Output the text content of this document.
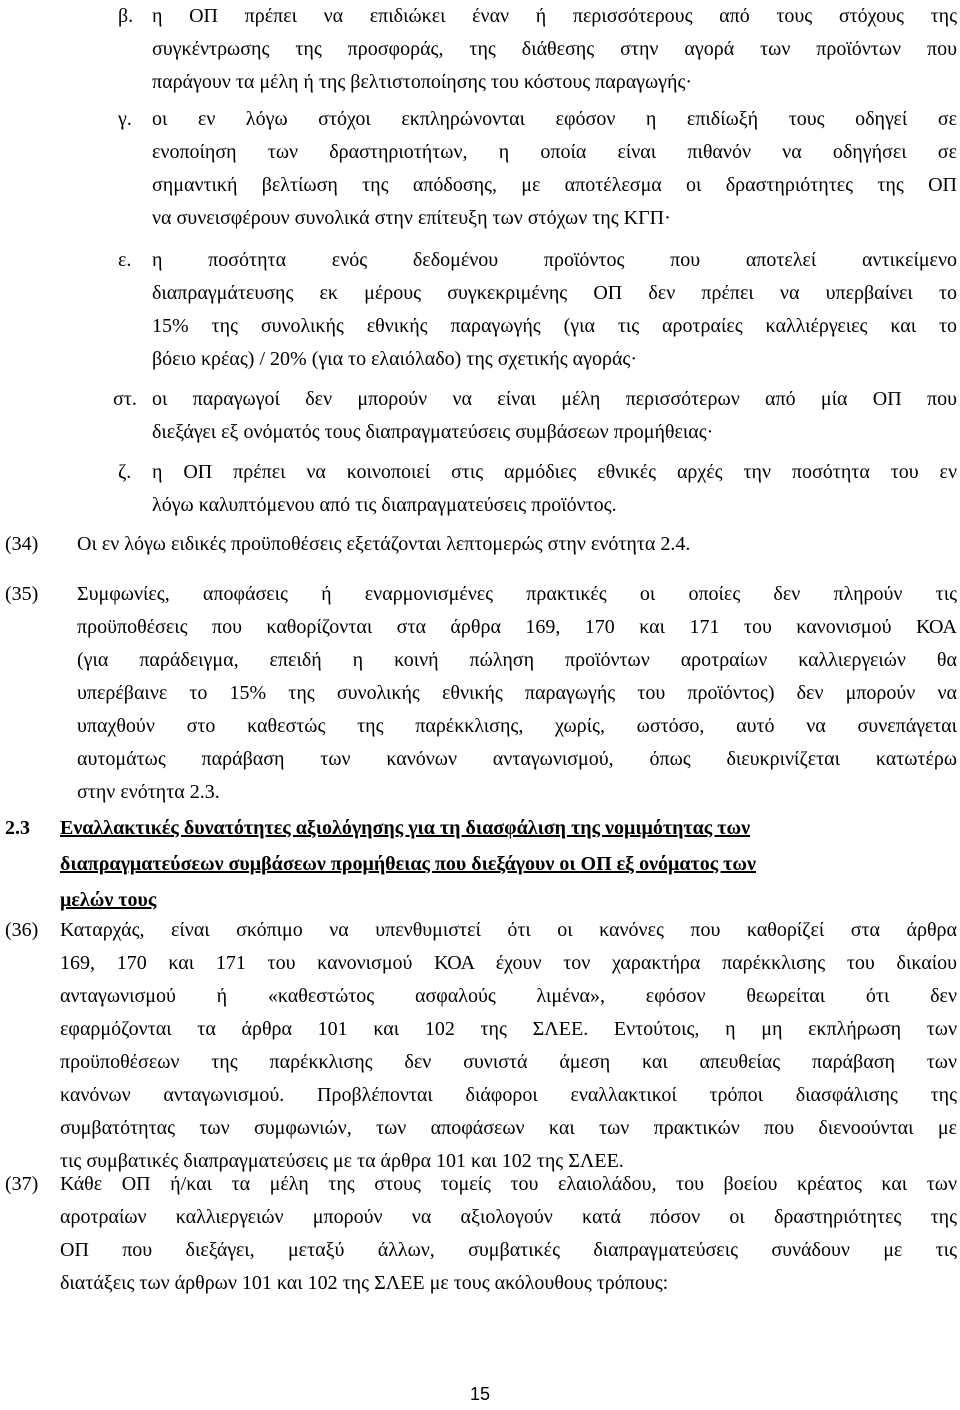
β. η ΟΠ πρέπει να επιδιώκει έναν ή περισσότερους από τους στόχους της
συγκέντρωσης της προσφοράς, της διάθεσης στην αγορά των προϊόντων που
παράγουν τα μέλη ή της βελτιστοποίησης του κόστους παραγωγής·
γ. οι εν λόγω στόχοι εκπληρώνονται εφόσον η επιδίωξή τους οδηγεί σε
ενοποίηση των δραστηριοτήτων, η οποία είναι πιθανόν να οδηγήσει σε
σημαντική βελτίωση της απόδοσης, με αποτέλεσμα οι δραστηριότητες της ΟΠ
να συνεισφέρουν συνολικά στην επίτευξη των στόχων της ΚΓΠ·
ε. η ποσότητα ενός δεδομένου προϊόντος που αποτελεί αντικείμενο
διαπραγμάτευσης εκ μέρους συγκεκριμένης ΟΠ δεν πρέπει να υπερβαίνει το
15% της συνολικής εθνικής παραγωγής (για τις αροτραίες καλλιέργειες και το
βόειο κρέας) / 20% (για το ελαιόλαδο) της σχετικής αγοράς·
στ. οι παραγωγοί δεν μπορούν να είναι μέλη περισσότερων από μία ΟΠ που
διεξάγει εξ ονόματός τους διαπραγματεύσεις συμβάσεων προμήθειας·
ζ. η ΟΠ πρέπει να κοινοποιεί στις αρμόδιες εθνικές αρχές την ποσότητα του εν
λόγω καλυπτόμενου από τις διαπραγματεύσεις προϊόντος.
(34) Οι εν λόγω ειδικές προϋποθέσεις εξετάζονται λεπτομερώς στην ενότητα 2.4.
(35) Συμφωνίες, αποφάσεις ή εναρμονισμένες πρακτικές οι οποίες δεν πληρούν τις
προϋποθέσεις που καθορίζονται στα άρθρα 169, 170 και 171 του κανονισμού ΚΟΑ
(για παράδειγμα, επειδή η κοινή πώληση προϊόντων αροτραίων καλλιεργειών θα
υπερέβαινε το 15% της συνολικής εθνικής παραγωγής του προϊόντος) δεν μπορούν να
υπαχθούν στο καθεστώς της παρέκκλισης, χωρίς, ωστόσο, αυτό να συνεπάγεται
αυτομάτως παράβαση των κανόνων ανταγωνισμού, όπως διευκρινίζεται κατωτέρω
στην ενότητα 2.3.
2.3 Εναλλακτικές δυνατότητες αξιολόγησης για τη διασφάλιση της νομιμότητας των
διαπραγματεύσεων συμβάσεων προμήθειας που διεξάγουν οι ΟΠ εξ ονόματος των
μελών τους
(36) Καταρχάς, είναι σκόπιμο να υπενθυμιστεί ότι οι κανόνες που καθορίζεί στα άρθρα
169, 170 και 171 του κανονισμού ΚΟΑ έχουν τον χαρακτήρα παρέκκλισης του δικαίου
ανταγωνισμού ή «καθεστώτος ασφαλούς λιμένα», εφόσον θεωρείται ότι δεν
εφαρμόζονται τα άρθρα 101 και 102 της ΣΛΕΕ. Εντούτοις, η μη εκπλήρωση των
προϋποθέσεων της παρέκκλισης δεν συνιστά άμεση και απευθείας παράβαση των
κανόνων ανταγωνισμού. Προβλέπονται διάφοροι εναλλακτικοί τρόποι διασφάλισης της
συμβατότητας των συμφωνιών, των αποφάσεων και των πρακτικών που διενοούνται με
τις συμβατικές διαπραγματεύσεις με τα άρθρα 101 και 102 της ΣΛΕΕ.
(37) Κάθε ΟΠ ή/και τα μέλη της στους τομείς του ελαιολάδου, του βοείου κρέατος και των
αροτραίων καλλιεργειών μπορούν να αξιολογούν κατά πόσον οι δραστηριότητες της
ΟΠ που διεξάγει, μεταξύ άλλων, συμβατικές διαπραγματεύσεις συνάδουν με τις
διατάξεις των άρθρων 101 και 102 της ΣΛΕΕ με τους ακόλουθους τρόπους:
15
